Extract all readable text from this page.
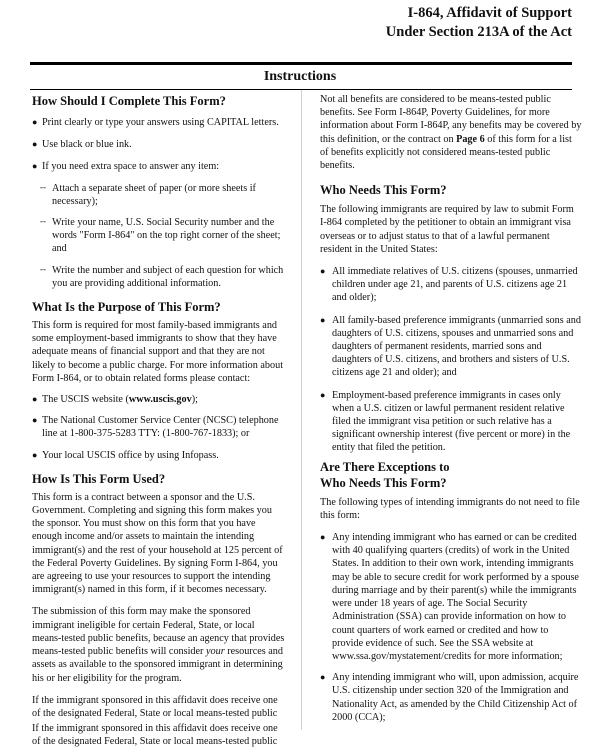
I-864, Affidavit of Support
Under Section 213A of the Act
Instructions
How Should I Complete This Form?
● Print clearly or type your answers using CAPITAL letters.
● Use black or blue ink.
● If you need extra space to answer any item:
-- Attach a separate sheet of paper (or more sheets if necessary);
-- Write your name, U.S. Social Security number and the words "Form I-864" on the top right corner of the sheet; and
-- Write the number and subject of each question for which you are providing additional information.
What Is the Purpose of This Form?

This form is required for most family-based immigrants and some employment-based immigrants to show that they have adequate means of financial support and that they are not likely to become a public charge. For more information about Form I-864, or to obtain related forms please contact:

● The USCIS website (www.uscis.gov);
● The National Customer Service Center (NCSC) telephone line at 1-800-375-5283 TTY: (1-800-767-1833); or
● Your local USCIS office by using Infopass.
How Is This Form Used?

This form is a contract between a sponsor and the U.S. Government. Completing and signing this form makes you the sponsor. You must show on this form that you have enough income and/or assets to maintain the intending immigrant(s) and the rest of your household at 125 percent of the Federal Poverty Guidelines. By signing Form I-864, you are agreeing to use your resources to support the intending immigrant(s) named in this form, if it becomes necessary.

The submission of this form may make the sponsored immigrant ineligible for certain Federal, State, or local means-tested public benefits, because an agency that provides means-tested public benefits will consider your resources and assets as available to the sponsored immigrant in determining his or her eligibility for the program.

If the immigrant sponsored in this affidavit does receive one of the designated Federal, State or local means-tested public

If the immigrant sponsored in this affidavit does receive one of the designated Federal, State or local means-tested public

Not all benefits are considered to be means-tested public benefits. See Form I-864P, Poverty Guidelines, for more information about Form I-864P, any benefits may be covered by this definition, or the contract on Page 6 of this form for a list of benefits explicitly not considered means-tested public benefits.

Who Needs This Form?

The following immigrants are required by law to submit Form I-864 completed by the petitioner to obtain an immigrant visa overseas or to adjust status to that of a lawful permanent resident in the United States:

● All immediate relatives of U.S. citizens (spouses, unmarried children under age 21, and parents of U.S. citizens age 21 and older);
● All family-based preference immigrants (unmarried sons and daughters of U.S. citizens, spouses and unmarried sons and daughters of permanent residents, married sons and daughters of U.S. citizens, and brothers and sisters of U.S. citizens age 21 and older); and
● Employment-based preference immigrants in cases only when a U.S. citizen or lawful permanent resident relative filed the immigrant visa petition or such relative has a significant ownership interest (five percent or more) in the entity that filed the petition.
Are There Exceptions to
Who Needs This Form?

The following types of intending immigrants do not need to file this form:

● Any intending immigrant who has earned or can be credited with 40 qualifying quarters (credits) of work in the United States. In addition to their own work, intending immigrants may be able to secure credit for work performed by a spouse during marriage and by their parent(s) while the immigrants were under 18 years of age. The Social Security Administration (SSA) can provide information on how to count quarters of work earned or credited and how to provide evidence of such. See the SSA website at www.ssa.gov/mystatement/credits for more information;
● Any intending immigrant who will, upon admission, acquire U.S. citizenship under section 320 of the Immigration and Nationality Act, as amended by the Child Citizenship Act of 2000 (CCA);
